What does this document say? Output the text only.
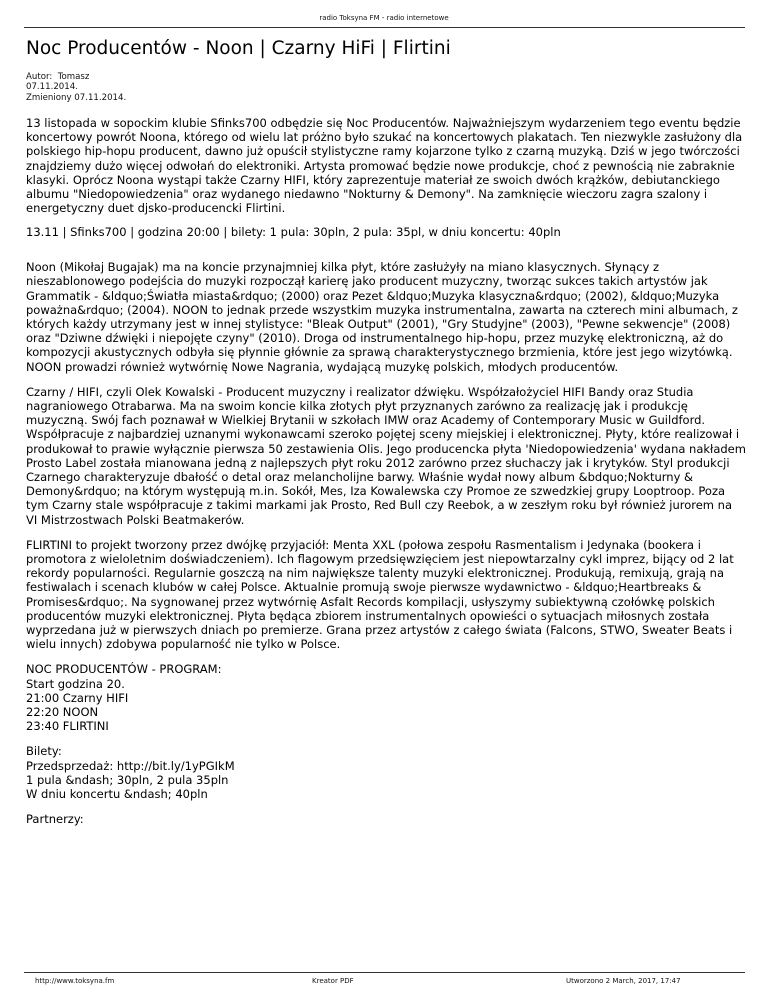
radio Toksyna FM - radio internetowe
Noc Producentów - Noon | Czarny HiFi | Flirtini
Autor:  Tomasz
07.11.2014.
Zmieniony 07.11.2014.

13 listopada w sopockim klubie Sfinks700 odbędzie się Noc Producentów. Najważniejszym wydarzeniem tego eventu będzie koncertowy powrót Noona, którego od wielu lat próżno było szukać na koncertowych plakatach. Ten niezwykle zasłużony dla polskiego hip-hopu producent, dawno już opuścił stylistyczne ramy kojarzone tylko z czarną muzyką. Dziś w jego twórczości znajdziemy dużo więcej odwołań do elektroniki. Artysta promować będzie nowe produkcje, choć z pewnością nie zabraknie klasyki. Oprócz Noona wystąpi także Czarny HIFI, który zaprezentuje materiał ze swoich dwóch krążków, debiutanckiego albumu "Niedopowiedzenia" oraz wydanego niedawno "Nokturny & Demony". Na zamknięcie wieczoru zagra szalony i energetyczny duet djsko-producencki Flirtini.

13.11 | Sfinks700 | godzina 20:00 | bilety: 1 pula: 30pln, 2 pula: 35pl, w dniu koncertu: 40pln

Noon (Mikołaj Bugajak) ma na koncie przynajmniej kilka płyt, które zasłużyły na miano klasycznych. Słynący z nieszablonowego podejścia do muzyki rozpoczął karierę jako producent muzyczny, tworząc sukces takich artystów jak Grammatik - &ldquo;Światła miasta&rdquo; (2000) oraz Pezet &ldquo;Muzyka klasyczna&rdquo; (2002), &ldquo;Muzyka poważna&rdquo; (2004). NOON to jednak przede wszystkim muzyka instrumentalna, zawarta na czterech mini albumach, z których każdy utrzymany jest w innej stylistyce: "Bleak Output" (2001), "Gry Studyjne" (2003), "Pewne sekwencje" (2008) oraz "Dziwne dźwięki i niepojęte czyny" (2010). Droga od instrumentalnego hip-hopu, przez muzykę elektroniczną, aż do kompozycji akustycznych odbyła się płynnie głównie za sprawą charakterystycznego brzmienia, które jest jego wizytówką. NOON prowadzi również wytwórnię Nowe Nagrania, wydającą muzykę polskich, młodych producentów.

Czarny / HIFI, czyli Olek Kowalski - Producent muzyczny i realizator dźwięku. Współzałożyciel HIFI Bandy oraz Studia nagraniowego Otrabarwa. Ma na swoim koncie kilka złotych płyt przyznanych zarówno za realizację jak i produkcję muzyczną. Swój fach poznawał w Wielkiej Brytanii w szkołach IMW oraz Academy of Contemporary Music w Guildford. Współpracuje z najbardziej uznanymi wykonawcami szeroko pojętej sceny miejskiej i elektronicznej. Płyty, które realizował i produkował to prawie wyłącznie pierwsza 50 zestawienia Olis. Jego producencka płyta 'Niedopowiedzenia' wydana nakładem Prosto Label została mianowana jedną z najlepszych płyt roku 2012 zarówno przez słuchaczy jak i krytyków. Styl produkcji Czarnego charakteryzuje dbałość o detal oraz melancholijne barwy. Właśnie wydał nowy album &bdquo;Nokturny & Demony&rdquo; na którym występują m.in. Sokół, Mes, Iza Kowalewska czy Promoe ze szwedzkiej grupy Looptroop. Poza tym Czarny stale współpracuje z takimi markami jak Prosto, Red Bull czy Reebok, a w zeszłym roku był również jurorem na VI Mistrzostwach Polski Beatmakerów.

FLIRTINI to projekt tworzony przez dwójkę przyjaciół: Menta XXL (połowa zespołu Rasmentalism i Jedynaka (bookera i promotora z wieloletnim doświadczeniem). Ich flagowym przedsięwzięciem jest niepowtarzalny cykl imprez, bijący od 2 lat rekordy popularności. Regularnie goszczą na nim największe talenty muzyki elektronicznej. Produkują, remixują, grają na festiwalach i scenach klubów w całej Polsce. Aktualnie promują swoje pierwsze wydawnictwo - &ldquo;Heartbreaks & Promises&rdquo;. Na sygnowanej przez wytwórnię Asfalt Records kompilacji, usłyszymy subiektywną czołówkę polskich producentów muzyki elektronicznej. Płyta będąca zbiorem instrumentalnych opowieści o sytuacjach miłosnych została wyprzedana już w pierwszych dniach po premierze. Grana przez artystów z całego świata (Falcons, STWO, Sweater Beats i wielu innych) zdobywa popularność nie tylko w Polsce.

NOC PRODUCENTÓW - PROGRAM:
Start godzina 20.
21:00 Czarny HIFI
22:20 NOON
23:40 FLIRTINI
Bilety:
Przedsprzedaż: http://bit.ly/1yPGIkM
1 pula &ndash; 30pln, 2 pula 35pln
W dniu koncertu &ndash; 40pln
Partnerzy:
http://www.toksyna.fm	Kreator PDF	Utworzono 2 March, 2017, 17:47
